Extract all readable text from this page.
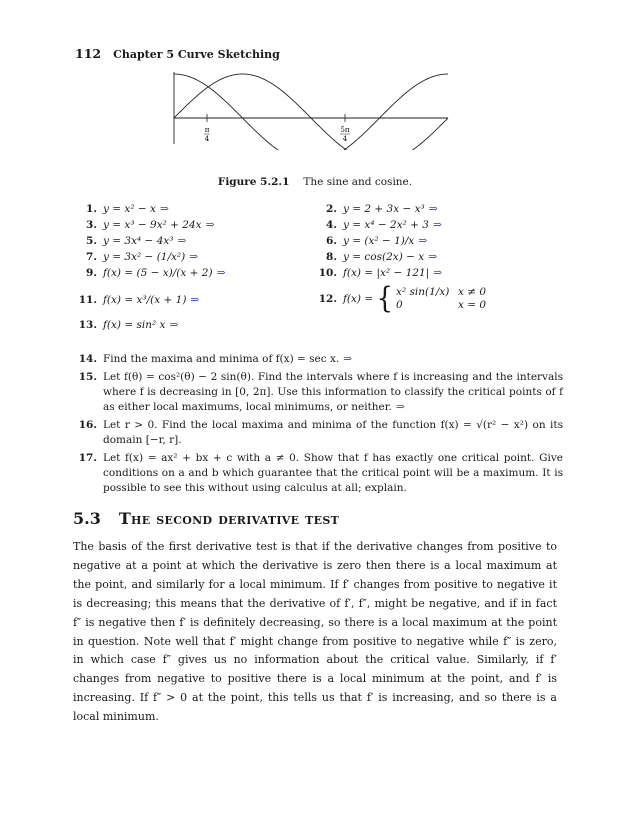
112 Chapter 5 Curve Sketching
π
4
5π
4
Figure 5.2.1 The sine and cosine.
1. y = x² − x ⇒	2. y = 2 + 3x − x³ ⇒
3. y = x³ − 9x² + 24x ⇒	4. y = x⁴ − 2x² + 3 ⇒
5. y = 3x⁴ − 4x³ ⇒	6. y = (x² − 1)/x ⇒
7. y = 3x² − (1/x²) ⇒	8. y = cos(2x) − x ⇒
9. f(x) = (5 − x)/(x + 2) ⇒	10. f(x) = |x² − 121| ⇒
11. f(x) = x³/(x + 1) ⇒	12. f(x) = { x² sin(1/x) x ≠ 0
0	x = 0
13. f(x) = sin² x ⇒
14. Find the maxima and minima of f(x) = sec x. ⇒
15. Let f(θ) = cos²(θ) − 2 sin(θ). Find the intervals where f is increasing and the intervals where f is decreasing in [0, 2π]. Use this information to classify the critical points of f as either local maximums, local minimums, or neither. ⇒
16. Let r > 0. Find the local maxima and minima of the function f(x) = √(r² − x²) on its domain [−r, r].
17. Let f(x) = ax² + bx + c with a ≠ 0. Show that f has exactly one critical point. Give conditions on a and b which guarantee that the critical point will be a maximum. It is possible to see this without using calculus at all; explain.
5.3 The second derivative test
The basis of the first derivative test is that if the derivative changes from positive to negative at a point at which the derivative is zero then there is a local maximum at the point, and similarly for a local minimum. If f′ changes from positive to negative it is decreasing; this means that the derivative of f′, f″, might be negative, and if in fact f″ is negative then f′ is definitely decreasing, so there is a local maximum at the point in question. Note well that f′ might change from positive to negative while f″ is zero, in which case f″ gives us no information about the critical value. Similarly, if f′ changes from negative to positive there is a local minimum at the point, and f′ is increasing. If f″ > 0 at the point, this tells us that f′ is increasing, and so there is a local minimum.
